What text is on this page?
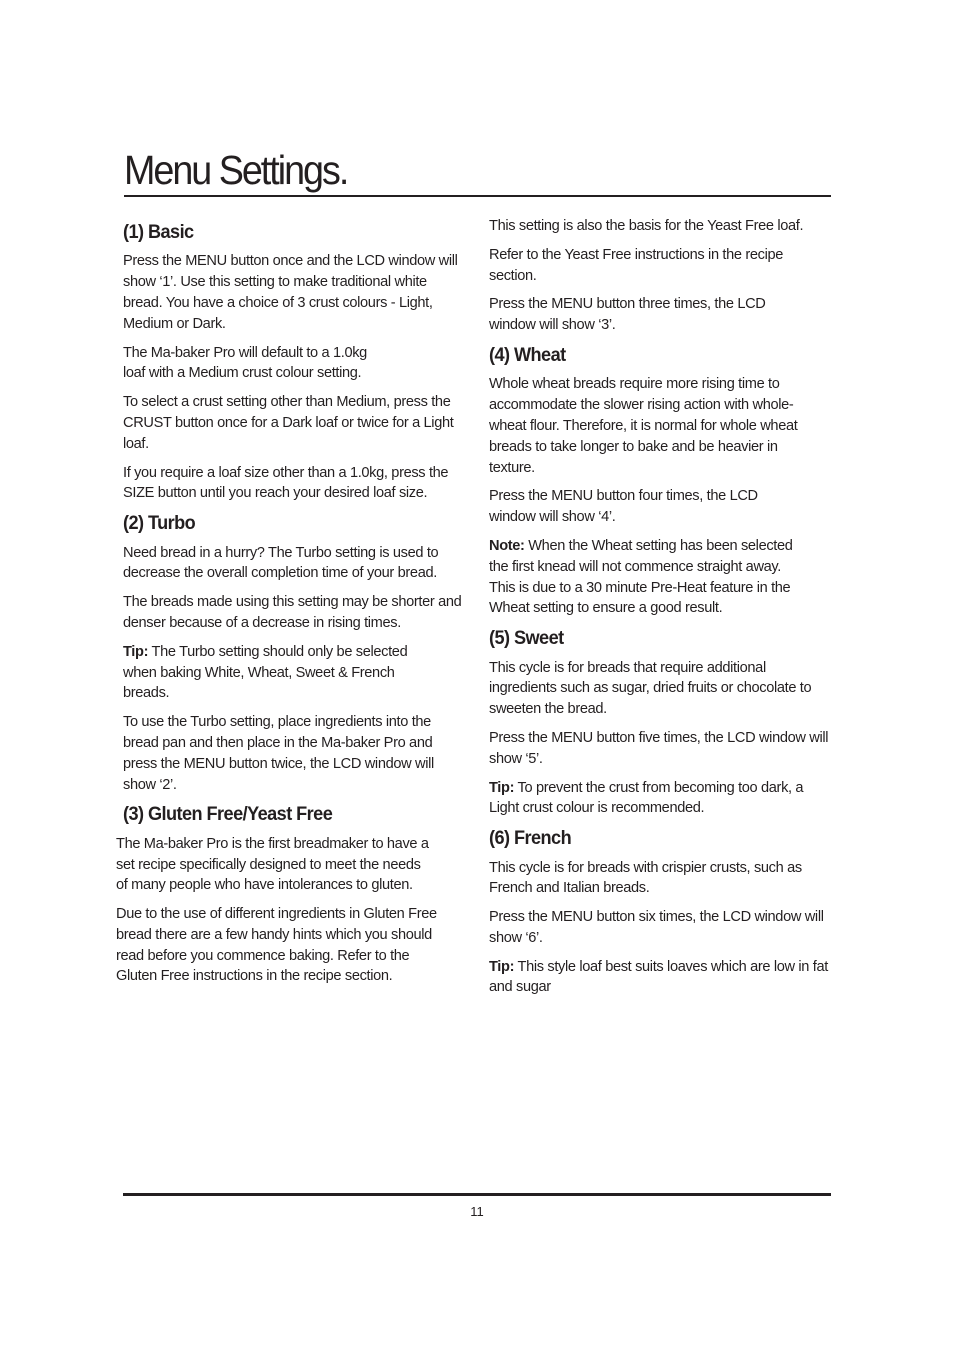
Menu Settings.
(1) Basic

Press the MENU button once and the LCD window will show ‘1’. Use this setting to make traditional white bread. You have a choice of 3 crust colours - Light, Medium or Dark.

The Ma-baker Pro will default to a 1.0kg loaf with a Medium crust colour setting.

To select a crust setting other than Medium, press the CRUST button once for a Dark loaf or twice for a Light loaf.

If you require a loaf size other than a 1.0kg, press the SIZE button until you reach your desired loaf size.

(2) Turbo

Need bread in a hurry? The Turbo setting is used to decrease the overall completion time of your bread.

The breads made using this setting may be shorter and denser because of a decrease in rising times.

Tip: The Turbo setting should only be selected when baking White, Wheat, Sweet & French breads.

To use the Turbo setting, place ingredients into the bread pan and then place in the Ma-baker Pro and press the MENU button twice, the LCD window will show ‘2’.

(3) Gluten Free/Yeast Free

The Ma-baker Pro is the first breadmaker to have a set recipe specifically designed to meet the needs of many people who have intolerances to gluten.

Due to the use of different ingredients in Gluten Free bread there are a few handy hints which you should read before you commence baking. Refer to the Gluten Free instructions in the recipe section.

This setting is also the basis for the Yeast Free loaf.

Refer to the Yeast Free instructions in the recipe section.

Press the MENU button three times, the LCD window will show ‘3’.

(4) Wheat

Whole wheat breads require more rising time to accommodate the slower rising action with whole-wheat flour. Therefore, it is normal for whole wheat breads to take longer to bake and be heavier in texture.

Press the MENU button four times, the LCD window will show ‘4’.

Note: When the Wheat setting has been selected the first knead will not commence straight away. This is due to a 30 minute Pre-Heat feature in the Wheat setting to ensure a good result.

(5) Sweet

This cycle is for breads that require additional ingredients such as sugar, dried fruits or chocolate to sweeten the bread.

Press the MENU button five times, the LCD window will show ‘5’.

Tip: To prevent the crust from becoming too dark, a Light crust colour is recommended.

(6) French

This cycle is for breads with crispier crusts, such as French and Italian breads.

Press the MENU button six times, the LCD window will show ‘6’.

Tip: This style loaf best suits loaves which are low in fat and sugar

11
